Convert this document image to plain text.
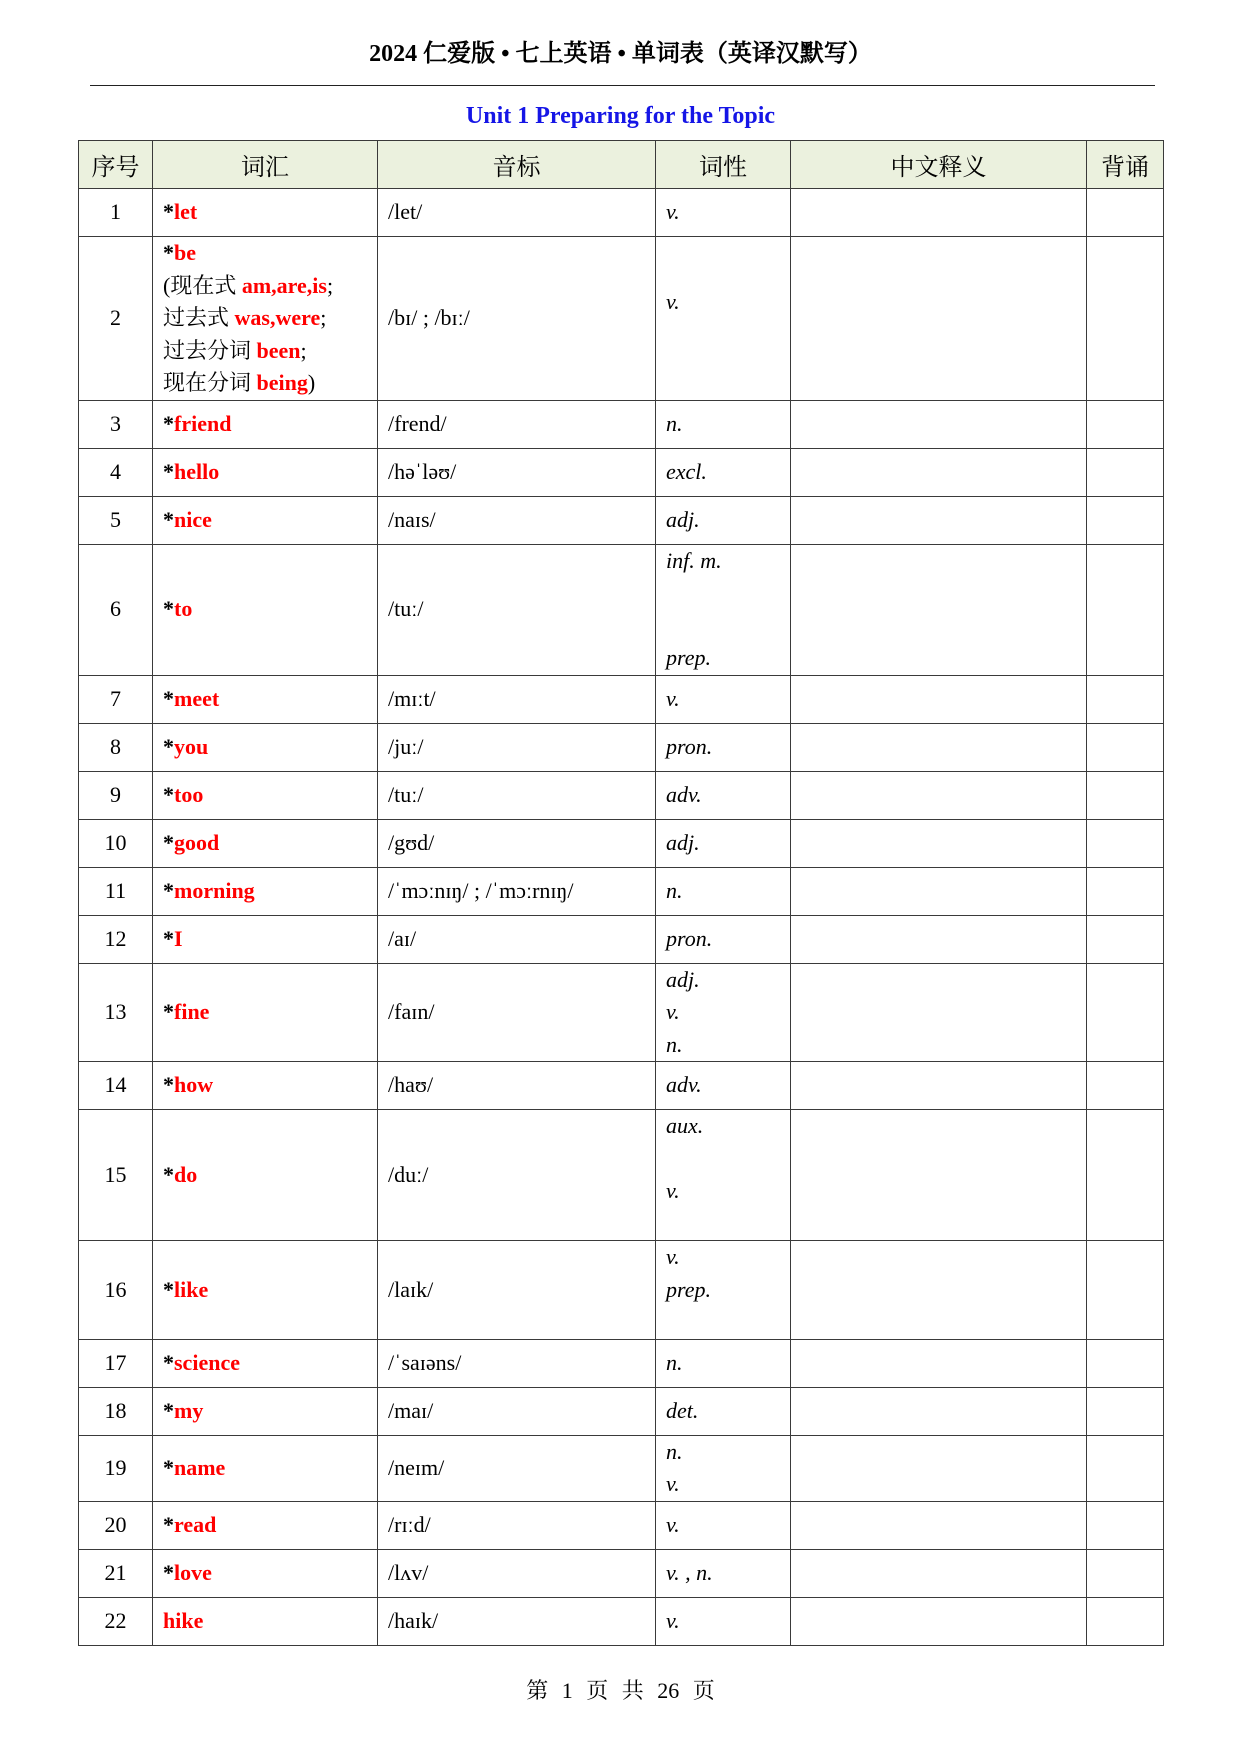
2024 仁爱版 • 七上英语 • 单词表（英译汉默写）
Unit 1 Preparing for the Topic
序号	词汇	音标	词性	中文释义	背诵
1	*let	/let/	v.		

2	*be
(现在式 am,are,is;
过去式 was,were;
过去分词 been;
现在分词 being)	/bɪ/ ; /bɪː/	v.		

3	*friend	/frend/	n.		

4	*hello	/həˈləʊ/	excl.		

5	*nice	/naɪs/	adj.		

6	*to	/tuː/	inf. m.
prep.		

7	*meet	/mɪːt/	v.		

8	*you	/juː/	pron.		

9	*too	/tuː/	adv.		

10	*good	/gʊd/	adj.		

11	*morning	/ˈmɔːnɪŋ/ ; /ˈmɔːrnɪŋ/	n.		

12	*I	/aɪ/	pron.		

13	*fine	/faɪn/	adj.
v.
n.		

14	*how	/haʊ/	adv.		

15	*do	/duː/	aux.
v.		

16	*like	/laɪk/	v.
prep.		

17	*science	/ˈsaɪəns/	n.		

18	*my	/maɪ/	det.		

19	*name	/neɪm/	n.
v.		

20	*read	/rɪːd/	v.		

21	*love	/lʌv/	v. , n.		

22	hike	/haɪk/	v.		

第 1 页 共 26 页
